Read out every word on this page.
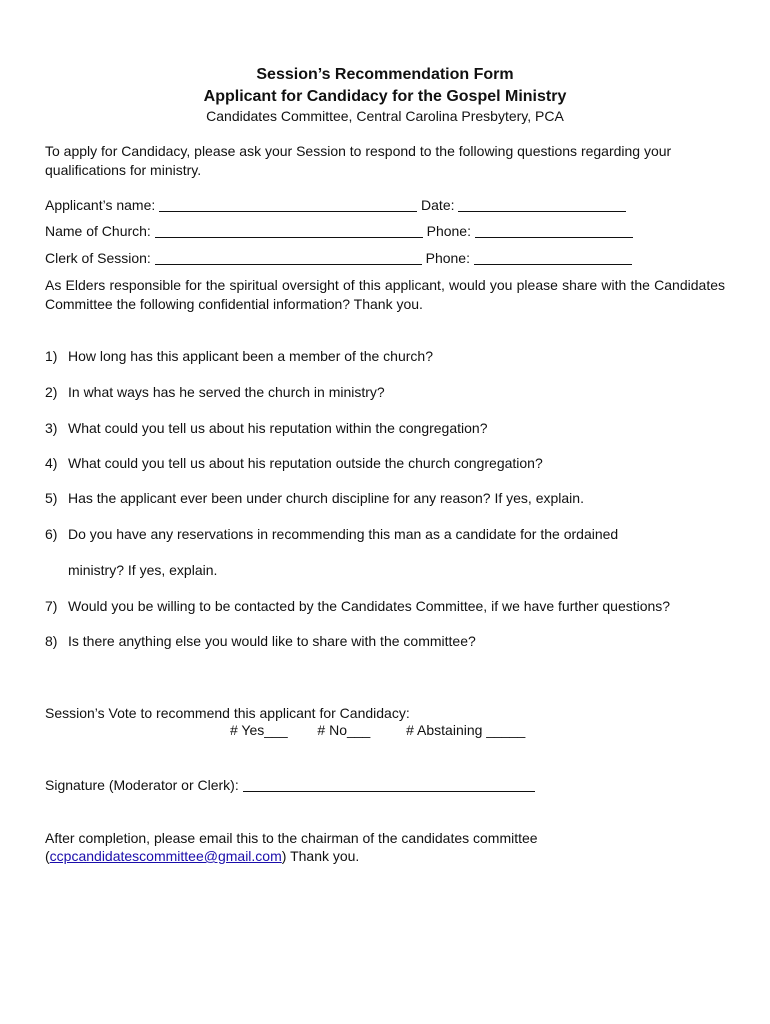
Session’s Recommendation Form
Applicant for Candidacy for the Gospel Ministry
Candidates Committee, Central Carolina Presbytery, PCA
To apply for Candidacy, please ask your Session to respond to the following questions regarding your qualifications for ministry.
Applicant’s name:	Date:
Name of Church:	Phone:
Clerk of Session:	Phone:
As Elders responsible for the spiritual oversight of this applicant, would you please share with the Candidates Committee the following confidential information? Thank you.
1) How long has this applicant been a member of the church?
2) In what ways has he served the church in ministry?
3) What could you tell us about his reputation within the congregation?
4) What could you tell us about his reputation outside the church congregation?
5) Has the applicant ever been under church discipline for any reason? If yes, explain.
6) Do you have any reservations in recommending this man as a candidate for the ordained
ministry? If yes, explain.
7) Would you be willing to be contacted by the Candidates Committee, if we have further questions?
8) Is there anything else you would like to share with the committee?
Session’s Vote to recommend this applicant for Candidacy:
# Yes___ # No___	# Abstaining _____
Signature (Moderator or Clerk):
After completion, please email this to the chairman of the candidates committee
(ccpcandidatescommittee@gmail.com) Thank you.
